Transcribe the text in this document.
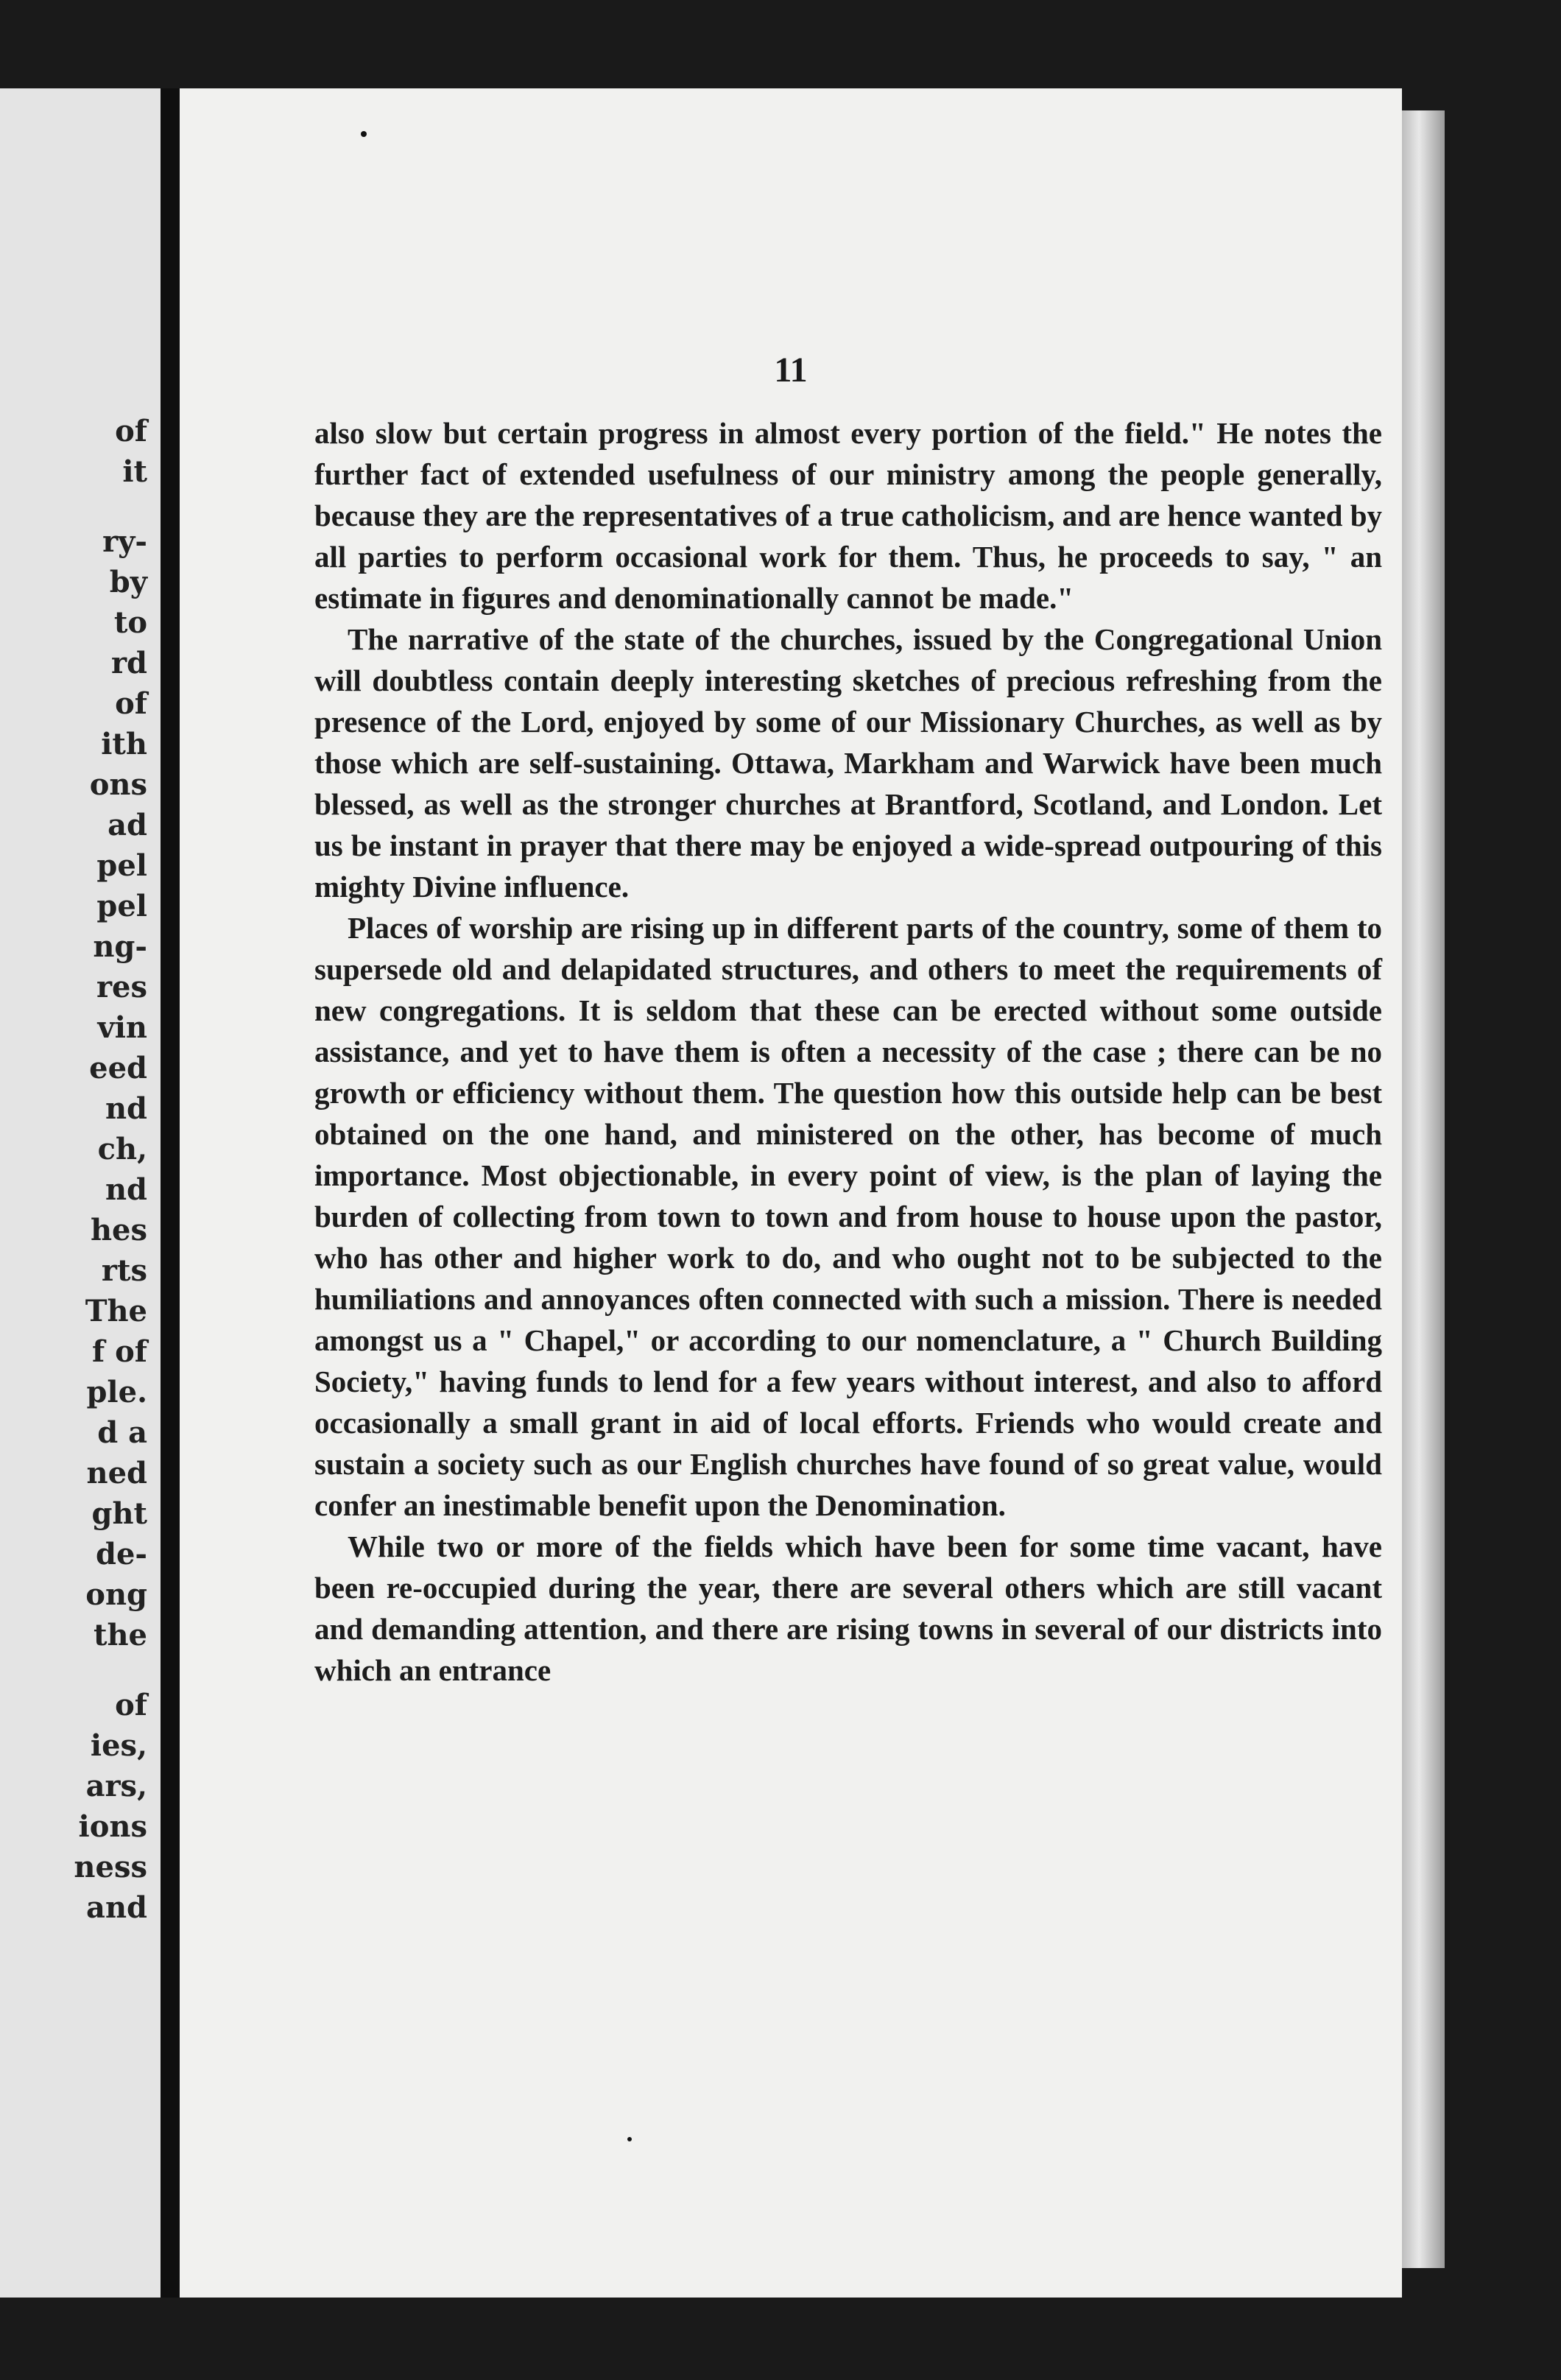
of
it
ry-
by
to
rd
of
ith
ons
ad
pel
pel
ng-
res
vin
eed
nd
ch,
nd
hes
rts
The
f of
ple.
d a
ned
ght
de-
ong
the
of
ies,
ars,
ions
ness
and
11

also slow but certain progress in almost every portion of the field." He notes the further fact of extended usefulness of our ministry among the people generally, because they are the representatives of a true catholicism, and are hence wanted by all parties to perform occasional work for them. Thus, he proceeds to say, " an estimate in figures and denominationally cannot be made."

The narrative of the state of the churches, issued by the Congregational Union will doubtless contain deeply interesting sketches of precious refreshing from the presence of the Lord, enjoyed by some of our Missionary Churches, as well as by those which are self-sustaining. Ottawa, Markham and Warwick have been much blessed, as well as the stronger churches at Brantford, Scotland, and London. Let us be instant in prayer that there may be enjoyed a wide-spread outpouring of this mighty Divine influence.

Places of worship are rising up in different parts of the country, some of them to supersede old and delapidated structures, and others to meet the requirements of new congregations. It is seldom that these can be erected without some outside assistance, and yet to have them is often a necessity of the case ; there can be no growth or efficiency without them. The question how this outside help can be best obtained on the one hand, and ministered on the other, has become of much importance. Most objectionable, in every point of view, is the plan of laying the burden of collecting from town to town and from house to house upon the pastor, who has other and higher work to do, and who ought not to be subjected to the humiliations and annoyances often connected with such a mission. There is needed amongst us a " Chapel," or according to our nomenclature, a " Church Building Society," having funds to lend for a few years without interest, and also to afford occasionally a small grant in aid of local efforts. Friends who would create and sustain a society such as our English churches have found of so great value, would confer an inestimable benefit upon the Denomination.

While two or more of the fields which have been for some time vacant, have been re-occupied during the year, there are several others which are still vacant and demanding attention, and there are rising towns in several of our districts into which an entrance
